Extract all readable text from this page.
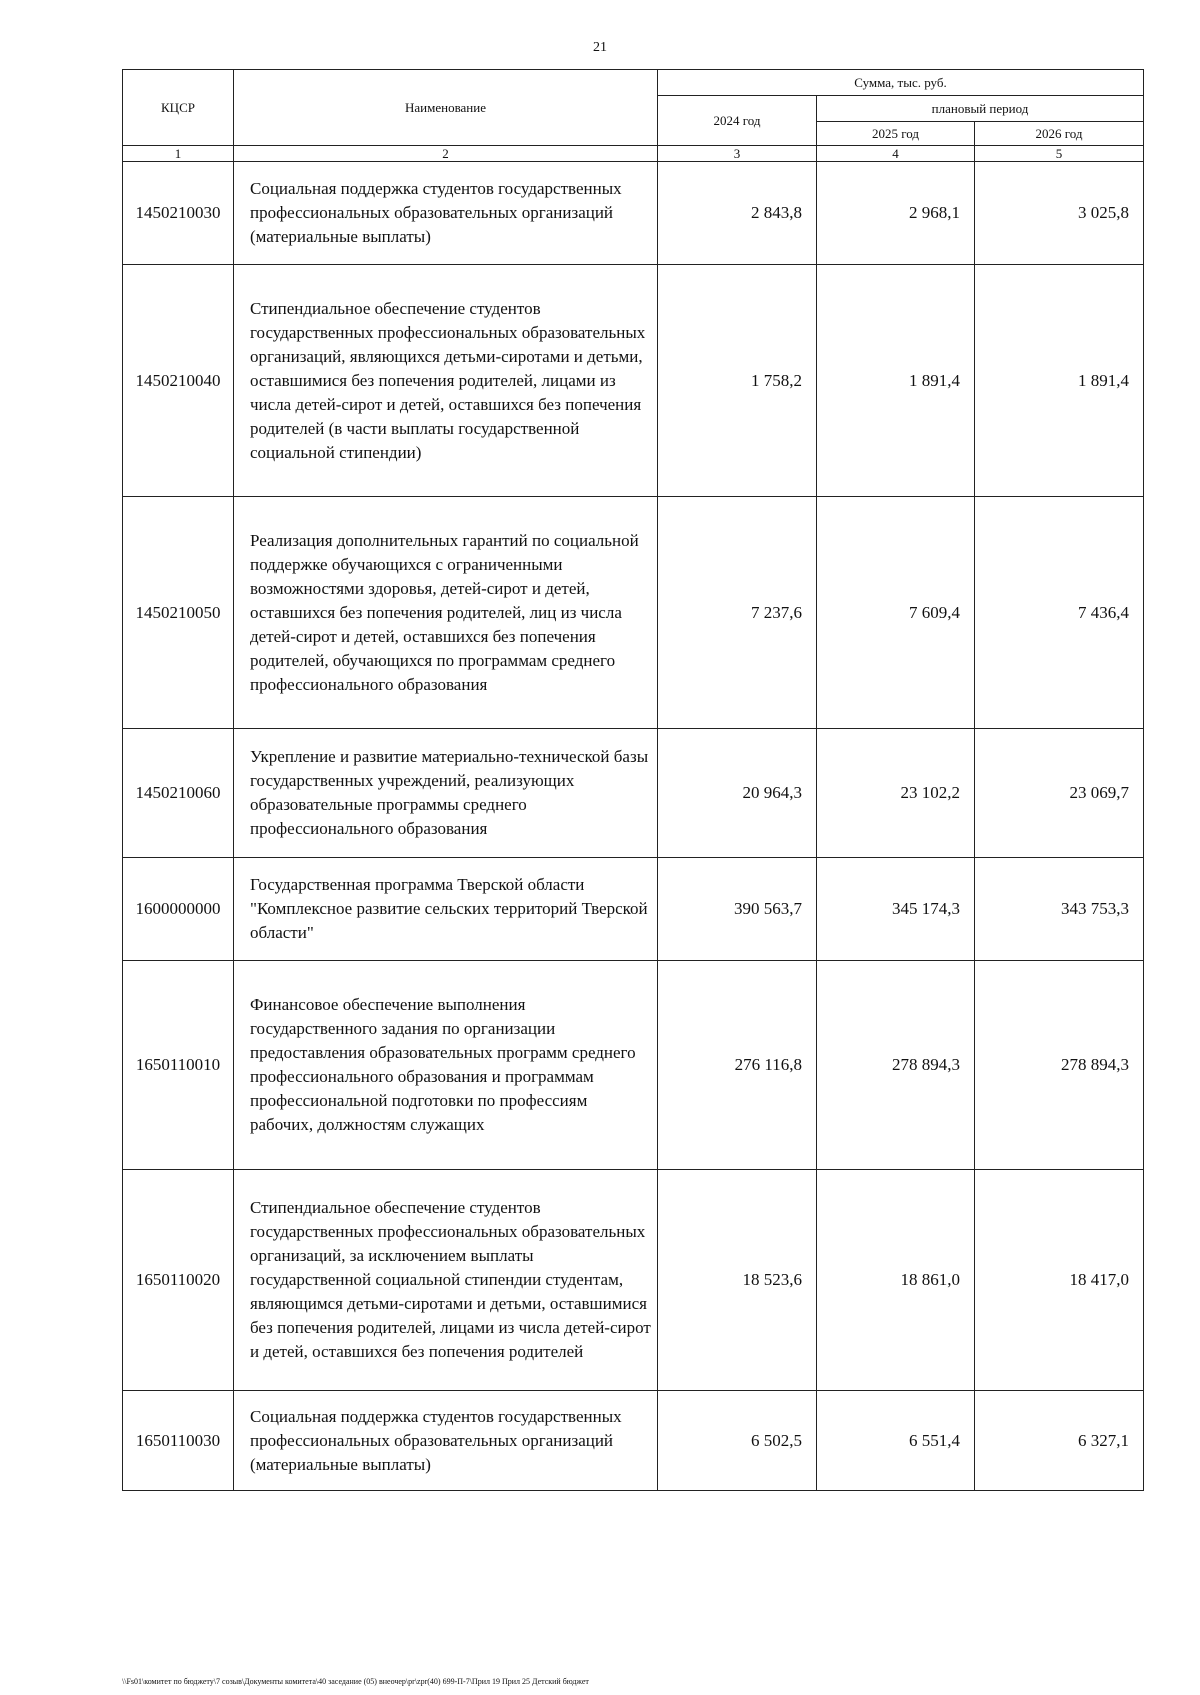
21
КЦСР	Наименование	Сумма, тыс. руб.		
		2024 год	плановый период	
			2025 год	2026 год
1	2	3	4	5
1450210030	Социальная поддержка студентов государственных профессиональных образовательных организаций (материальные выплаты)	2 843,8	2 968,1	3 025,8
1450210040	Стипендиальное обеспечение студентов государственных профессиональных образовательных организаций, являющихся детьми-сиротами и детьми, оставшимися без попечения родителей, лицами из числа детей-сирот и детей, оставшихся без попечения родителей (в части выплаты государственной социальной стипендии)	1 758,2	1 891,4	1 891,4
1450210050	Реализация дополнительных гарантий по социальной поддержке обучающихся с ограниченными возможностями здоровья, детей-сирот и детей, оставшихся без попечения родителей, лиц из числа детей-сирот и детей, оставшихся без попечения родителей, обучающихся по программам среднего профессионального образования	7 237,6	7 609,4	7 436,4
1450210060	Укрепление и развитие материально-технической базы государственных учреждений, реализующих образовательные программы среднего профессионального образования	20 964,3	23 102,2	23 069,7
1600000000	Государственная программа Тверской области "Комплексное развитие сельских территорий Тверской области"	390 563,7	345 174,3	343 753,3
1650110010	Финансовое обеспечение выполнения государственного задания по организации предоставления образовательных программ среднего профессионального образования и программам профессиональной подготовки по профессиям рабочих, должностям служащих	276 116,8	278 894,3	278 894,3
1650110020	Стипендиальное обеспечение студентов государственных профессиональных образовательных организаций, за исключением выплаты государственной социальной стипендии студентам, являющимся детьми-сиротами и детьми, оставшимися без попечения родителей, лицами из числа детей-сирот и детей, оставшихся без попечения родителей	18 523,6	18 861,0	18 417,0
1650110030	Социальная поддержка студентов государственных профессиональных образовательных организаций (материальные выплаты)	6 502,5	6 551,4	6 327,1
\\Fs01\комитет по бюджету\7 созыв\Документы комитета\40 заседание (05) внеочер\pr\zpr(40) 699-П-7\Прил 19 Прил 25 Детский бюджет
